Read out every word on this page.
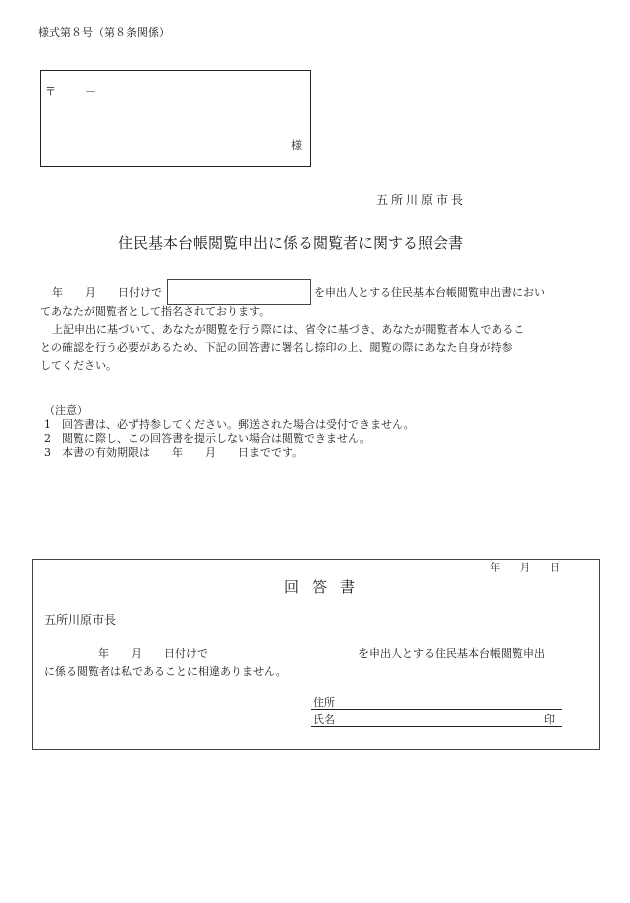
様式第８号（第８条関係）
〒	－
様
五所川原市長
住民基本台帳閲覧申出に係る閲覧者に関する照会書
年　　月　　日付けで	を申出人とする住民基本台帳閲覧申出書におい
てあなたが閲覧者として指名されております。
上記申出に基づいて、あなたが閲覧を行う際には、省令に基づき、あなたが閲覧者本人であるこ
との確認を行う必要があるため、下記の回答書に署名し捺印の上、閲覧の際にあなた自身が持参
してください。
（注意）
1　回答書は、必ず持参してください。郵送された場合は受付できません。
2　閲覧に際し、この回答書を提示しない場合は閲覧できません。
3　本書の有効期限は　　年　　月　　日までです。
年　　月　　日
回答書
五所川原市長
年　　月　　日付けで	を申出人とする住民基本台帳閲覧申出
に係る閲覧者は私であることに相違ありません。
住所
氏名	印
